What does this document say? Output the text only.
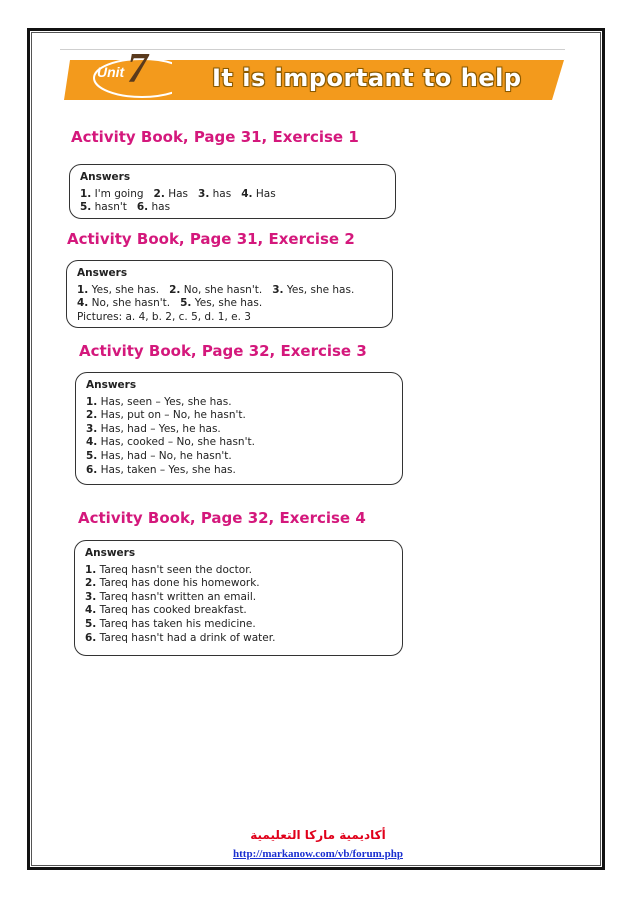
Unit 7	It is important to help
Activity Book, Page 31, Exercise 1
Answers
1. I'm going 2. Has 3. has 4. Has
5. hasn't 6. has
Activity Book, Page 31, Exercise 2
Answers
1. Yes, she has. 2. No, she hasn't. 3. Yes, she has.
4. No, she hasn't. 5. Yes, she has.
Pictures: a. 4, b. 2, c. 5, d. 1, e. 3
Activity Book, Page 32, Exercise 3
Answers
1. Has, seen – Yes, she has.
2. Has, put on – No, he hasn't.
3. Has, had – Yes, he has.
4. Has, cooked – No, she hasn't.
5. Has, had – No, he hasn't.
6. Has, taken – Yes, she has.
Activity Book, Page 32, Exercise 4
Answers
1. Tareq hasn't seen the doctor.
2. Tareq has done his homework.
3. Tareq hasn't written an email.
4. Tareq has cooked breakfast.
5. Tareq has taken his medicine.
6. Tareq hasn't had a drink of water.
أكاديمية ماركا التعليمية
http://markanow.com/vb/forum.php
